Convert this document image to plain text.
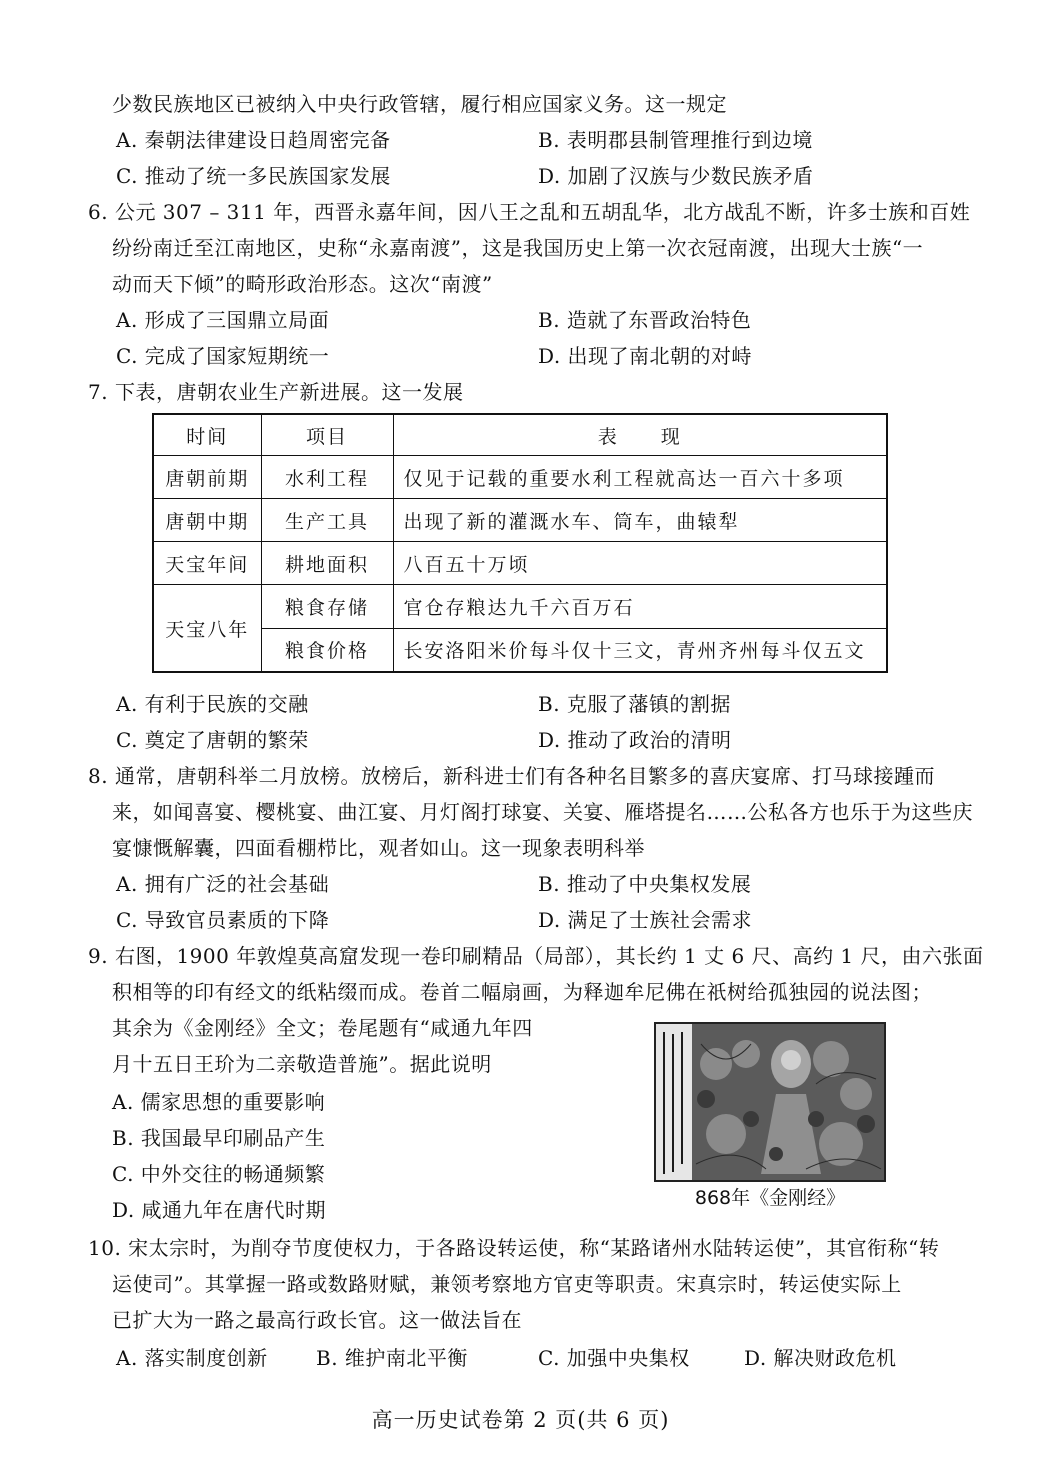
少数民族地区已被纳入中央行政管辖，履行相应国家义务。这一规定
A. 秦朝法律建设日趋周密完备	B. 表明郡县制管理推行到边境
C. 推动了统一多民族国家发展	D. 加剧了汉族与少数民族矛盾
6. 公元 307 – 311 年，西晋永嘉年间，因八王之乱和五胡乱华，北方战乱不断，许多士族和百姓
纷纷南迁至江南地区，史称“永嘉南渡”，这是我国历史上第一次衣冠南渡，出现大士族“一
动而天下倾”的畸形政治形态。这次“南渡”
A. 形成了三国鼎立局面	B. 造就了东晋政治特色
C. 完成了国家短期统一	D. 出现了南北朝的对峙
7. 下表，唐朝农业生产新进展。这一发展
时间	项目	表　　现
唐朝前期	水利工程	仅见于记载的重要水利工程就高达一百六十多项
唐朝中期	生产工具	出现了新的灌溉水车、筒车，曲辕犁
天宝年间	耕地面积	八百五十万顷
天宝八年	粮食存储	官仓存粮达九千六百万石
	粮食价格	长安洛阳米价每斗仅十三文，青州齐州每斗仅五文
A. 有利于民族的交融	B. 克服了藩镇的割据
C. 奠定了唐朝的繁荣	D. 推动了政治的清明
8. 通常，唐朝科举二月放榜。放榜后，新科进士们有各种名目繁多的喜庆宴席、打马球接踵而
来，如闻喜宴、樱桃宴、曲江宴、月灯阁打球宴、关宴、雁塔提名……公私各方也乐于为这些庆
宴慷慨解囊，四面看棚栉比，观者如山。这一现象表明科举
A. 拥有广泛的社会基础	B. 推动了中央集权发展
C. 导致官员素质的下降	D. 满足了士族社会需求
9. 右图，1900 年敦煌莫高窟发现一卷印刷精品（局部），其长约 1 丈 6 尺、高约 1 尺，由六张面
积相等的印有经文的纸粘缀而成。卷首二幅扇画，为释迦牟尼佛在祇树给孤独园的说法图；
其余为《金刚经》全文；卷尾题有“咸通九年四
月十五日王玠为二亲敬造普施”。据此说明
A. 儒家思想的重要影响
B. 我国最早印刷品产生
C. 中外交往的畅通频繁
D. 咸通九年在唐代时期	868年《金刚经》
10. 宋太宗时，为削夺节度使权力，于各路设转运使，称“某路诸州水陆转运使”，其官衔称“转
运使司”。其掌握一路或数路财赋，兼领考察地方官吏等职责。宋真宗时，转运使实际上
已扩大为一路之最高行政长官。这一做法旨在
A. 落实制度创新 B. 维护南北平衡	C. 加强中央集权	D. 解决财政危机
高一历史试卷第 2 页(共 6 页)
